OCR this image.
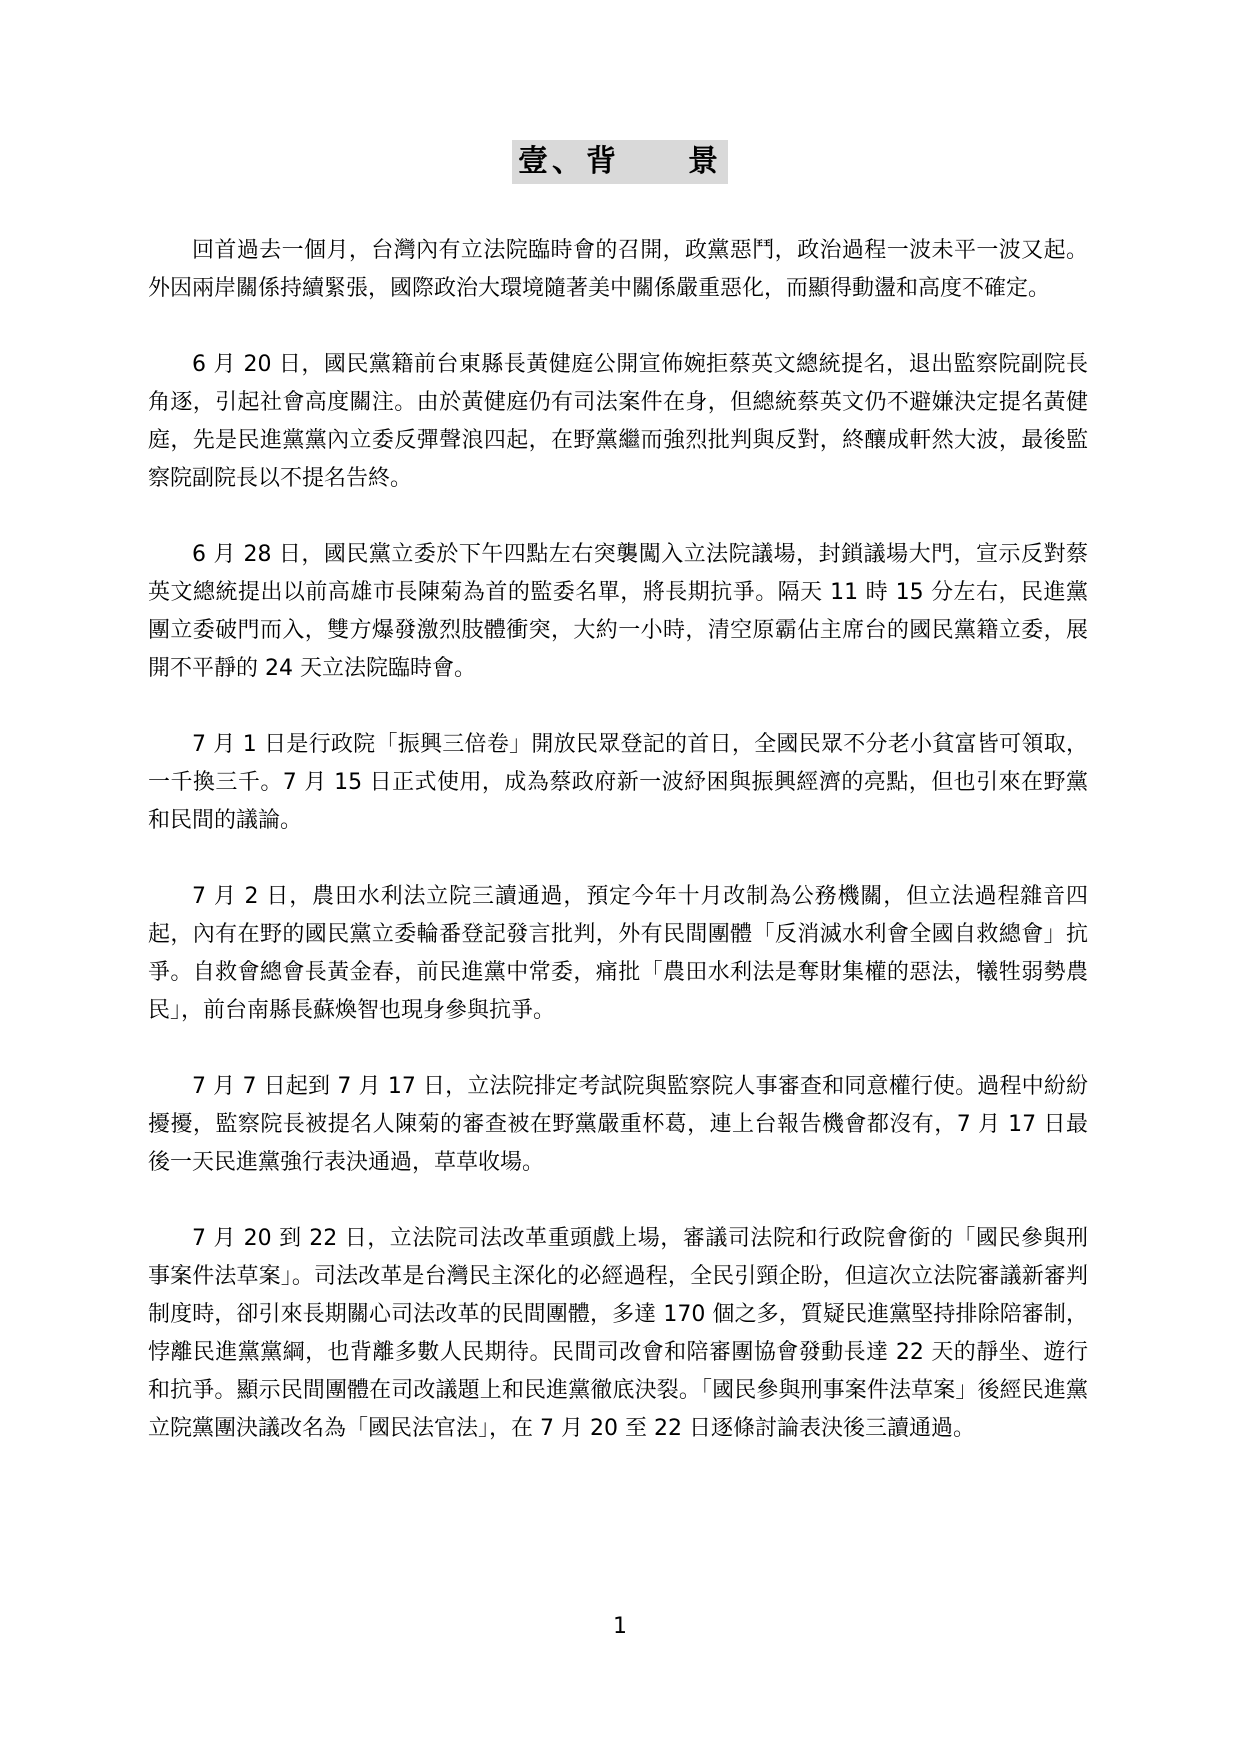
壹、背　　景

回首過去一個月，台灣內有立法院臨時會的召開，政黨惡鬥，政治過程一波未平一波又起。外因兩岸關係持續緊張，國際政治大環境隨著美中關係嚴重惡化，而顯得動盪和高度不確定。

6 月 20 日，國民黨籍前台東縣長黃健庭公開宣佈婉拒蔡英文總統提名，退出監察院副院長角逐，引起社會高度關注。由於黃健庭仍有司法案件在身，但總統蔡英文仍不避嫌決定提名黃健庭，先是民進黨黨內立委反彈聲浪四起，在野黨繼而強烈批判與反對，終釀成軒然大波，最後監察院副院長以不提名告終。

6 月 28 日，國民黨立委於下午四點左右突襲闖入立法院議場，封鎖議場大門，宣示反對蔡英文總統提出以前高雄市長陳菊為首的監委名單，將長期抗爭。隔天 11 時 15 分左右，民進黨團立委破門而入，雙方爆發激烈肢體衝突，大約一小時，清空原霸佔主席台的國民黨籍立委，展開不平靜的 24 天立法院臨時會。

7 月 1 日是行政院「振興三倍卷」開放民眾登記的首日，全國民眾不分老小貧富皆可領取，一千換三千。7 月 15 日正式使用，成為蔡政府新一波紓困與振興經濟的亮點，但也引來在野黨和民間的議論。

7 月 2 日，農田水利法立院三讀通過，預定今年十月改制為公務機關，但立法過程雜音四起，內有在野的國民黨立委輪番登記發言批判，外有民間團體「反消滅水利會全國自救總會」抗爭。自救會總會長黃金春，前民進黨中常委，痛批「農田水利法是奪財集權的惡法，犧牲弱勢農民」，前台南縣長蘇煥智也現身參與抗爭。

7 月 7 日起到 7 月 17 日，立法院排定考試院與監察院人事審查和同意權行使。過程中紛紛擾擾，監察院長被提名人陳菊的審查被在野黨嚴重杯葛，連上台報告機會都沒有，7 月 17 日最後一天民進黨強行表決通過，草草收場。

7 月 20 到 22 日，立法院司法改革重頭戲上場，審議司法院和行政院會銜的「國民參與刑事案件法草案」。司法改革是台灣民主深化的必經過程，全民引頸企盼，但這次立法院審議新審判制度時，卻引來長期關心司法改革的民間團體，多達 170 個之多，質疑民進黨堅持排除陪審制，悖離民進黨黨綱，也背離多數人民期待。民間司改會和陪審團協會發動長達 22 天的靜坐、遊行和抗爭。顯示民間團體在司改議題上和民進黨徹底決裂。「國民參與刑事案件法草案」後經民進黨立院黨團決議改名為「國民法官法」，在 7 月 20 至 22 日逐條討論表決後三讀通過。

1
